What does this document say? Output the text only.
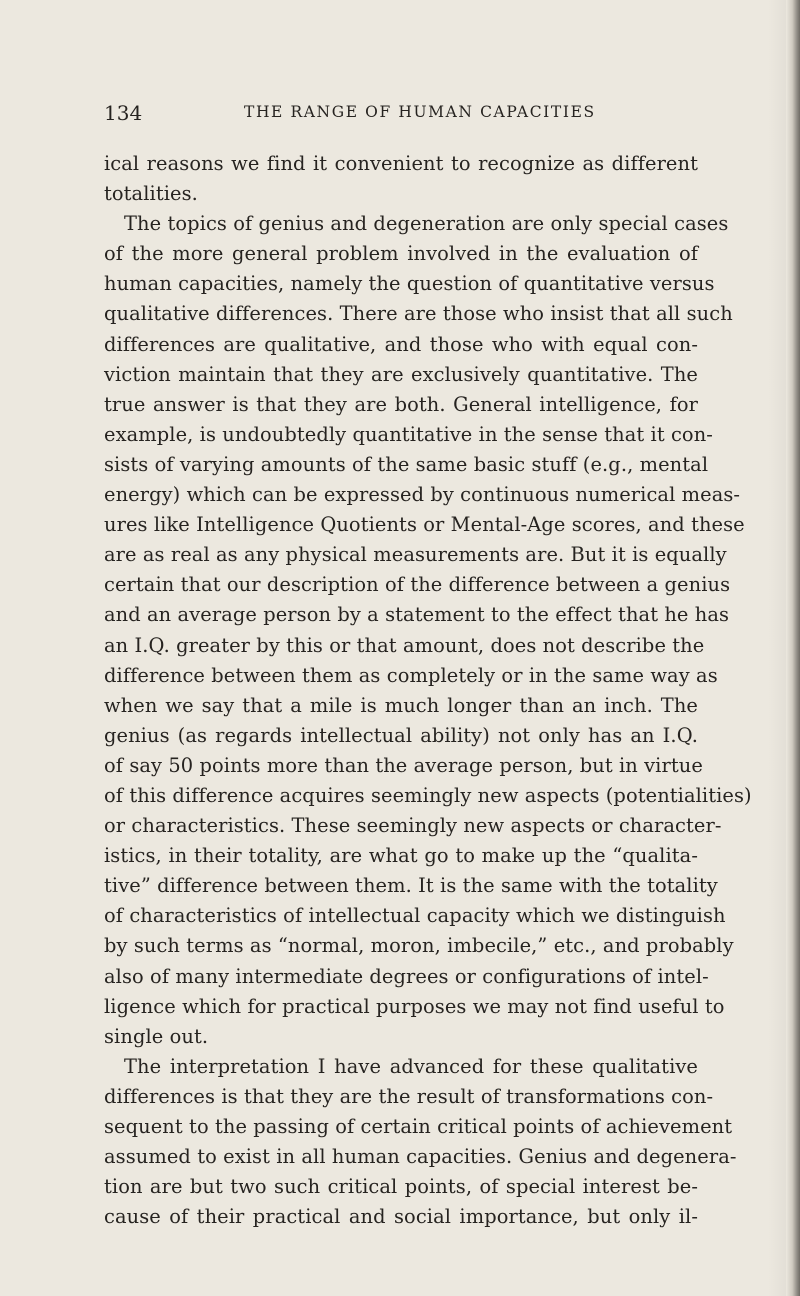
134	THE RANGE OF HUMAN CAPACITIES
ical reasons we find it convenient to recognize as different
totalities.
The topics of genius and degeneration are only special cases
of the more general problem involved in the evaluation of
human capacities, namely the question of quantitative versus
qualitative differences. There are those who insist that all such
differences are qualitative, and those who with equal con-
viction maintain that they are exclusively quantitative. The
true answer is that they are both. General intelligence, for
example, is undoubtedly quantitative in the sense that it con-
sists of varying amounts of the same basic stuff (e.g., mental
energy) which can be expressed by continuous numerical meas-
ures like Intelligence Quotients or Mental-Age scores, and these
are as real as any physical measurements are. But it is equally
certain that our description of the difference between a genius
and an average person by a statement to the effect that he has
an I.Q. greater by this or that amount, does not describe the
difference between them as completely or in the same way as
when we say that a mile is much longer than an inch. The
genius (as regards intellectual ability) not only has an I.Q.
of say 50 points more than the average person, but in virtue
of this difference acquires seemingly new aspects (potentialities)
or characteristics. These seemingly new aspects or character-
istics, in their totality, are what go to make up the “qualita-
tive” difference between them. It is the same with the totality
of characteristics of intellectual capacity which we distinguish
by such terms as “normal, moron, imbecile,” etc., and probably
also of many intermediate degrees or configurations of intel-
ligence which for practical purposes we may not find useful to
single out.
The interpretation I have advanced for these qualitative
differences is that they are the result of transformations con-
sequent to the passing of certain critical points of achievement
assumed to exist in all human capacities. Genius and degenera-
tion are but two such critical points, of special interest be-
cause of their practical and social importance, but only il-
